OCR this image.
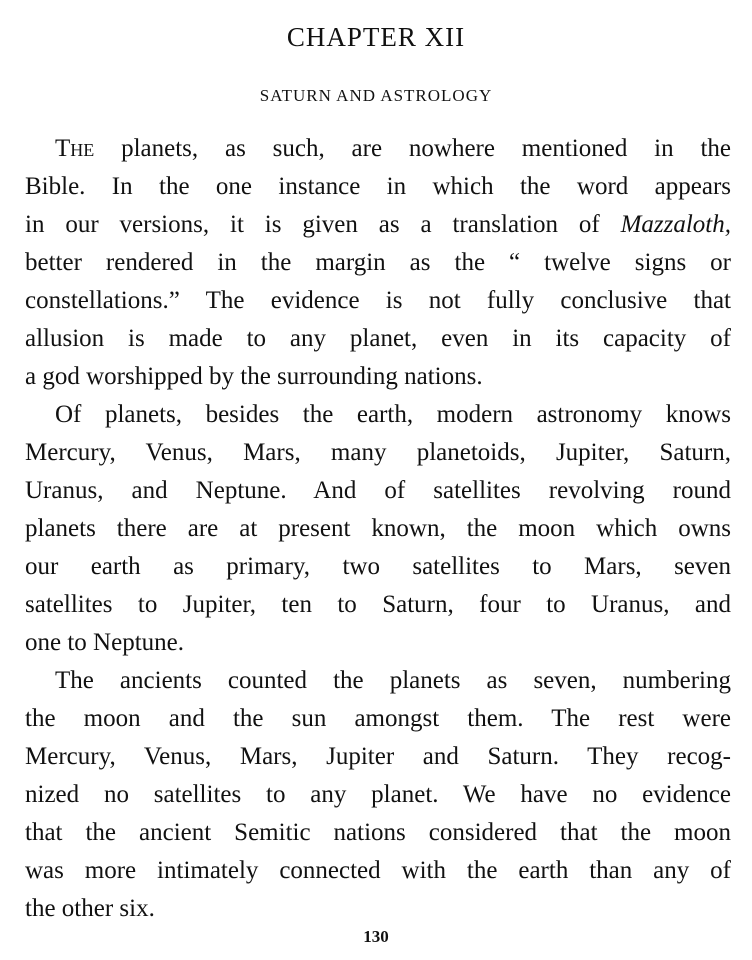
CHAPTER XII
SATURN AND ASTROLOGY
The planets, as such, are nowhere mentioned in the
Bible. In the one instance in which the word appears
in our versions, it is given as a translation of Mazzaloth,
better rendered in the margin as the “ twelve signs or
constellations.” The evidence is not fully conclusive that
allusion is made to any planet, even in its capacity of
a god worshipped by the surrounding nations.
Of planets, besides the earth, modern astronomy knows
Mercury, Venus, Mars, many planetoids, Jupiter, Saturn,
Uranus, and Neptune. And of satellites revolving round
planets there are at present known, the moon which owns
our earth as primary, two satellites to Mars, seven
satellites to Jupiter, ten to Saturn, four to Uranus, and
one to Neptune.
The ancients counted the planets as seven, numbering
the moon and the sun amongst them. The rest were
Mercury, Venus, Mars, Jupiter and Saturn. They recog-
nized no satellites to any planet. We have no evidence
that the ancient Semitic nations considered that the moon
was more intimately connected with the earth than any of
the other six.
130
